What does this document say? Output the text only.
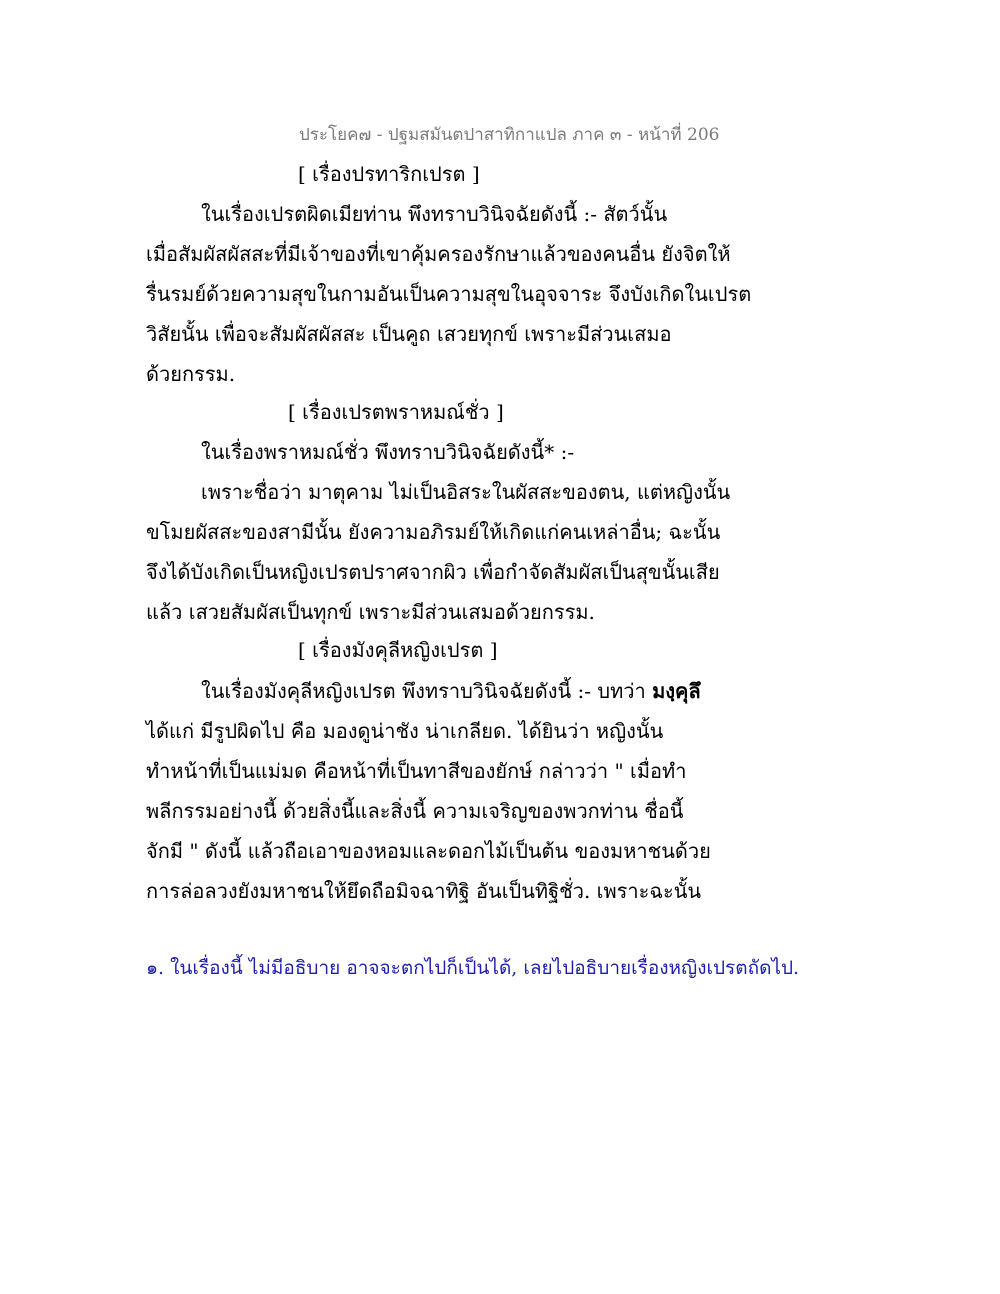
ประโยค๗ - ปฐมสมันตปาสาทิกาแปล ภาค ๓ - หน้าที่ 206
[ เรื่องปรทาริกเปรต ]
ในเรื่องเปรตผิดเมียท่าน พึงทราบวินิจฉัยดังนี้ :- สัตว์นั้น
เมื่อสัมผัสผัสสะที่มีเจ้าของที่เขาคุ้มครองรักษาแล้วของคนอื่น ยังจิตให้
รื่นรมย์ด้วยความสุขในกามอันเป็นความสุขในอุจจาระ จึงบังเกิดในเปรต
วิสัยนั้น เพื่อจะสัมผัสผัสสะ เป็นคูถ เสวยทุกข์ เพราะมีส่วนเสมอ
ด้วยกรรม.
[ เรื่องเปรตพราหมณ์ชั่ว ]
ในเรื่องพราหมณ์ชั่ว พึงทราบวินิจฉัยดังนี้* :-
เพราะชื่อว่า มาตุคาม ไม่เป็นอิสระในผัสสะของตน, แต่หญิงนั้น
ขโมยผัสสะของสามีนั้น ยังความอภิรมย์ให้เกิดแก่คนเหล่าอื่น; ฉะนั้น
จึงได้บังเกิดเป็นหญิงเปรตปราศจากผิว เพื่อกำจัดสัมผัสเป็นสุขนั้นเสีย
แล้ว เสวยสัมผัสเป็นทุกข์ เพราะมีส่วนเสมอด้วยกรรม.
[ เรื่องมังคุลีหญิงเปรต ]
ในเรื่องมังคุลีหญิงเปรต พึงทราบวินิจฉัยดังนี้ :- บทว่า มงฺคุลึ
ได้แก่ มีรูปผิดไป คือ มองดูน่าชัง น่าเกลียด. ได้ยินว่า หญิงนั้น
ทำหน้าที่เป็นแม่มด คือหน้าที่เป็นทาสีของยักษ์ กล่าวว่า " เมื่อทำ
พลีกรรมอย่างนี้ ด้วยสิ่งนี้และสิ่งนี้ ความเจริญของพวกท่าน ชื่อนี้
จักมี " ดังนี้ แล้วถือเอาของหอมและดอกไม้เป็นต้น ของมหาชนด้วย
การล่อลวงยังมหาชนให้ยึดถือมิจฉาทิฐิ อันเป็นทิฐิชั่ว. เพราะฉะนั้น
๑. ในเรื่องนี้ ไม่มีอธิบาย อาจจะตกไปก็เป็นได้, เลยไปอธิบายเรื่องหญิงเปรตถัดไป.
